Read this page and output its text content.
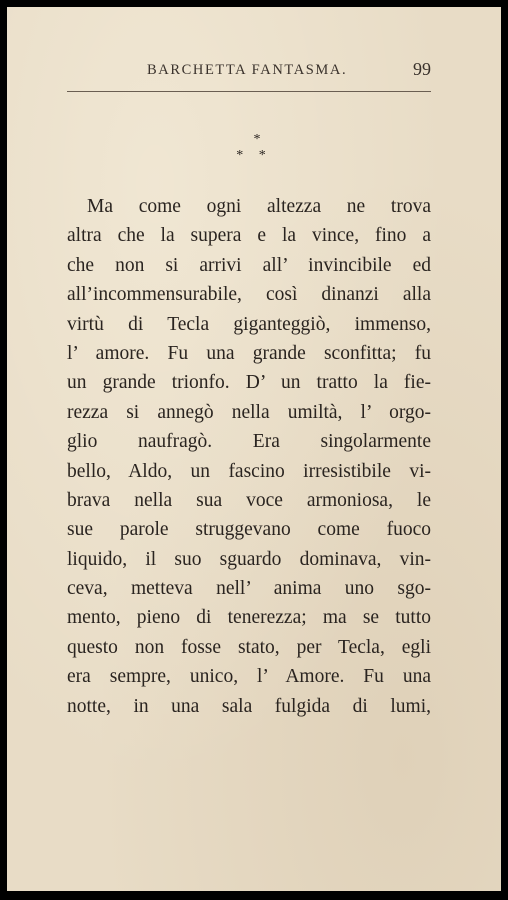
BARCHETTA FANTASMA.	99
*
* *
Ma come ogni altezza ne trova
altra che la supera e la vince, fino a
che non si arrivi all’ invincibile ed
all’incommensurabile, così dinanzi alla
virtù di Tecla giganteggiò, immenso,
l’ amore. Fu una grande sconfitta; fu
un grande trionfo. D’ un tratto la fie-
rezza si annegò nella umiltà, l’ orgo-
glio naufragò. Era singolarmente
bello, Aldo, un fascino irresistibile vi-
brava nella sua voce armoniosa, le
sue parole struggevano come fuoco
liquido, il suo sguardo dominava, vin-
ceva, metteva nell’ anima uno sgo-
mento, pieno di tenerezza; ma se tutto
questo non fosse stato, per Tecla, egli
era sempre, unico, l’ Amore. Fu una
notte, in una sala fulgida di lumi,
